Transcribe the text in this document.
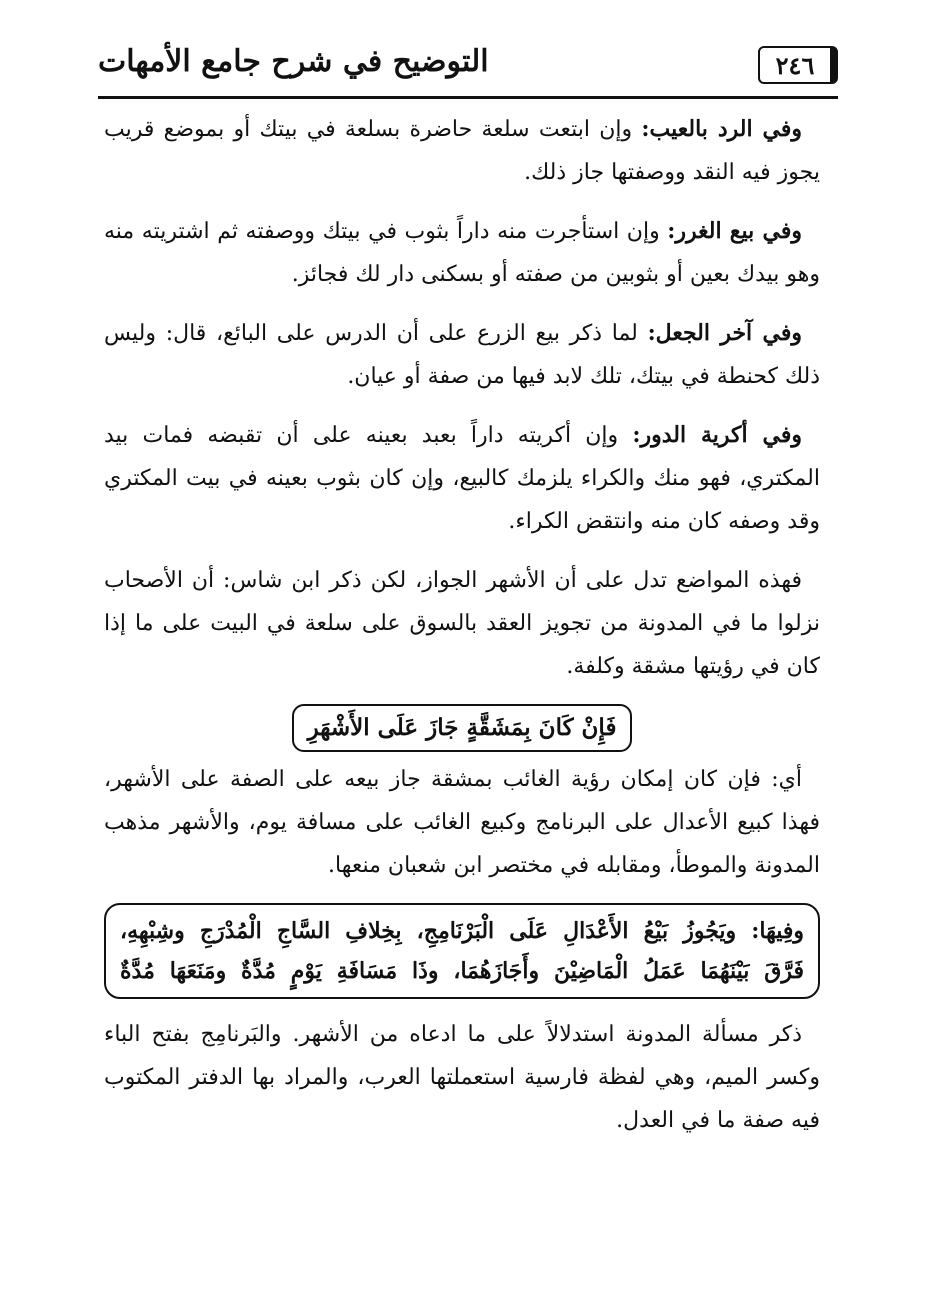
٢٤٦
التوضيح في شرح جامع الأمهات

وفي الرد بالعيب: وإن ابتعت سلعة حاضرة بسلعة في بيتك أو بموضع قريب يجوز فيه النقد ووصفتها جاز ذلك.

وفي بيع الغرر: وإن استأجرت منه داراً بثوب في بيتك ووصفته ثم اشتريته منه وهو بيدك بعين أو بثوبين من صفته أو بسكنى دار لك فجائز.

وفي آخر الجعل: لما ذكر بيع الزرع على أن الدرس على البائع، قال: وليس ذلك كحنطة في بيتك، تلك لابد فيها من صفة أو عيان.

وفي أكرية الدور: وإن أكريته داراً بعبد بعينه على أن تقبضه فمات بيد المكتري، فهو منك والكراء يلزمك كالبيع، وإن كان بثوب بعينه في بيت المكتري وقد وصفه كان منه وانتقض الكراء.

فهذه المواضع تدل على أن الأشهر الجواز، لكن ذكر ابن شاس: أن الأصحاب نزلوا ما في المدونة من تجويز العقد بالسوق على سلعة في البيت على ما إذا كان في رؤيتها مشقة وكلفة.

فَإِنْ كَانَ بِمَشَقَّةٍ جَازَ عَلَى الأَشْهَرِ

أي: فإن كان إمكان رؤية الغائب بمشقة جاز بيعه على الصفة على الأشهر، فهذا كبيع الأعدال على البرنامج وكبيع الغائب على مسافة يوم، والأشهر مذهب المدونة والموطأ، ومقابله في مختصر ابن شعبان منعها.

وفِيهَا: ويَجُوزُ بَيْعُ الأَعْدَالِ عَلَى الْبَرْنَامِجِ، بِخِلافِ السَّاجِ الْمُدْرَجِ وشِبْهِهِ،

فَرَّقَ بَيْنَهُمَا عَمَلُ الْمَاضِيْنَ وأَجَازَهُمَا، وذَا مَسَافَةِ يَوْمٍ مُدَّةٌ ومَنَعَهَا مُدَّةٌ

ذكر مسألة المدونة استدلالاً على ما ادعاه من الأشهر. والبَرنامِج بفتح الباء وكسر الميم، وهي لفظة فارسية استعملتها العرب، والمراد بها الدفتر المكتوب فيه صفة ما في العدل.
